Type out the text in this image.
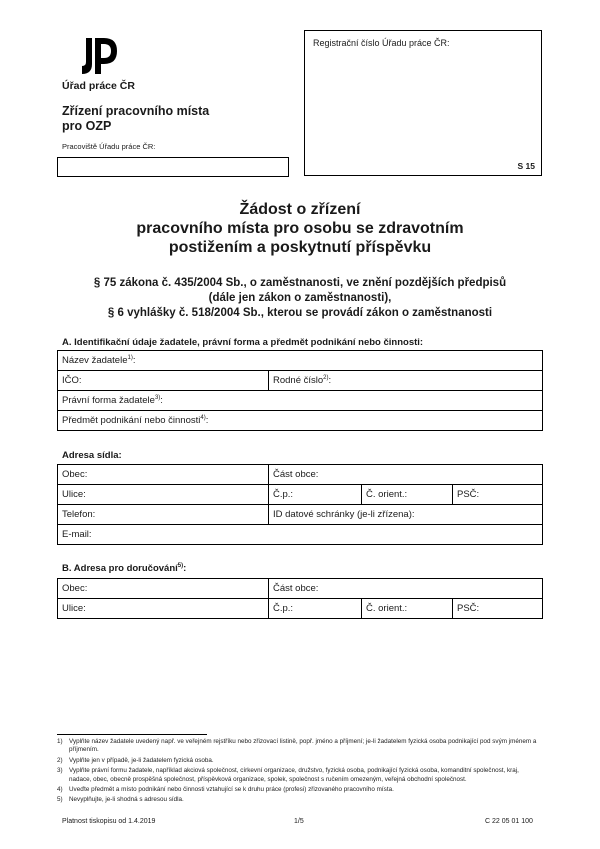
Úřad práce ČR
Zřízení pracovního místa
pro OZP
Pracoviště Úřadu práce ČR:
Registrační číslo Úřadu práce ČR:
S 15
Žádost o zřízení
pracovního místa pro osobu se zdravotním
postižením a poskytnutí příspěvku
§ 75 zákona č. 435/2004 Sb., o zaměstnanosti, ve znění pozdějších předpisů
(dále jen zákon o zaměstnanosti),
§ 6 vyhlášky č. 518/2004 Sb., kterou se provádí zákon o zaměstnanosti
A. Identifikační údaje žadatele, právní forma a předmět podnikání nebo činnosti:
Název žadatele$^{1)}$:
IČO:	Rodné číslo$^{2)}$:
Právní forma žadatele$^{3)}$:
Předmět podnikání nebo činnosti$^{4)}$:
Adresa sídla:
Obec:	Část obce:		
Ulice:	Č.p.:	Č. orient.:	PSČ:
Telefon:	ID datové schránky (je-li zřízena):		
E-mail:			
B. Adresa pro doručování$^{5)}$:
Obec:	Část obce:		
Ulice:	Č.p.:	Č. orient.:	PSČ:
1)	Vyplňte název žadatele uvedený např. ve veřejném rejstříku nebo zřizovací listině, popř. jméno a příjmení; je-li žadatelem fyzická osoba podnikající pod svým jménem a příjmením.
2)	Vyplňte jen v případě, je-li žadatelem fyzická osoba.
3)	Vyplňte právní formu žadatele, například akciová společnost, církevní organizace, družstvo, fyzická osoba, podnikající fyzická osoba, komanditní společnost, kraj, nadace, obec, obecně prospěšná společnost, příspěvková organizace, spolek, společnost s ručením omezeným, veřejná obchodní společnost.
4)	Uveďte předmět a místo podnikání nebo činnosti vztahující se k druhu práce (profesi) zřizovaného pracovního místa.
5)	Nevyplňujte, je-li shodná s adresou sídla.
Platnost tiskopisu od 1.4.2019	1/5	C 22 05 01 100
